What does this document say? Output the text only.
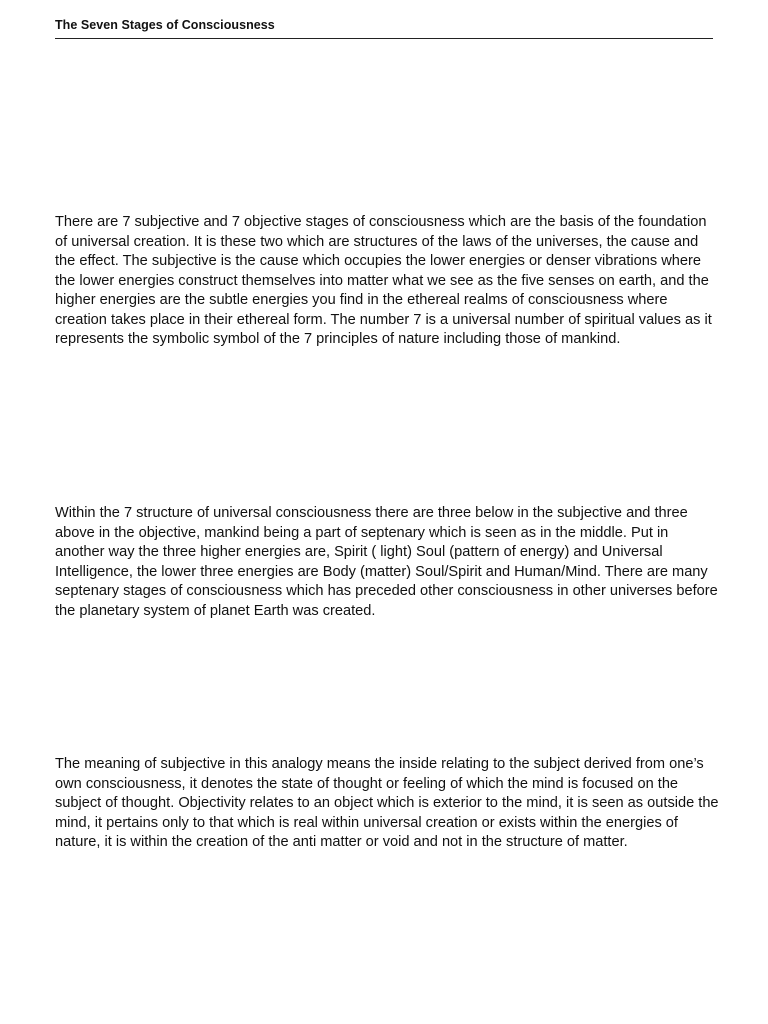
The Seven Stages of Consciousness

There are 7 subjective and 7 objective stages of consciousness which are the basis of the foundation of universal creation. It is these two which are structures of the laws of the universes, the cause and the effect. The subjective is the cause which occupies the lower energies or denser vibrations where the lower energies construct themselves into matter what we see as the five senses on earth, and the higher energies are the subtle energies you find in the ethereal realms of consciousness where creation takes place in their ethereal form. The number 7 is a universal number of spiritual values as it represents the symbolic symbol of the 7 principles of nature including those of mankind.

Within the 7 structure of universal consciousness there are three below in the subjective and three above in the objective, mankind being a part of septenary which is seen as in the middle. Put in another way the three higher energies are, Spirit ( light) Soul (pattern of energy) and Universal Intelligence, the lower three energies are Body (matter) Soul/Spirit and Human/Mind. There are many septenary stages of consciousness which has preceded other consciousness in other universes before the planetary system of planet Earth was created.

The meaning of subjective in this analogy means the inside relating to the subject derived from one’s own consciousness, it denotes the state of thought or feeling of which the mind is focused on the subject of thought. Objectivity relates to an object which is exterior to the mind, it is seen as outside the mind, it pertains only to that which is real within universal creation or exists within the energies of nature, it is within the creation of the anti matter or void and not in the structure of matter.
